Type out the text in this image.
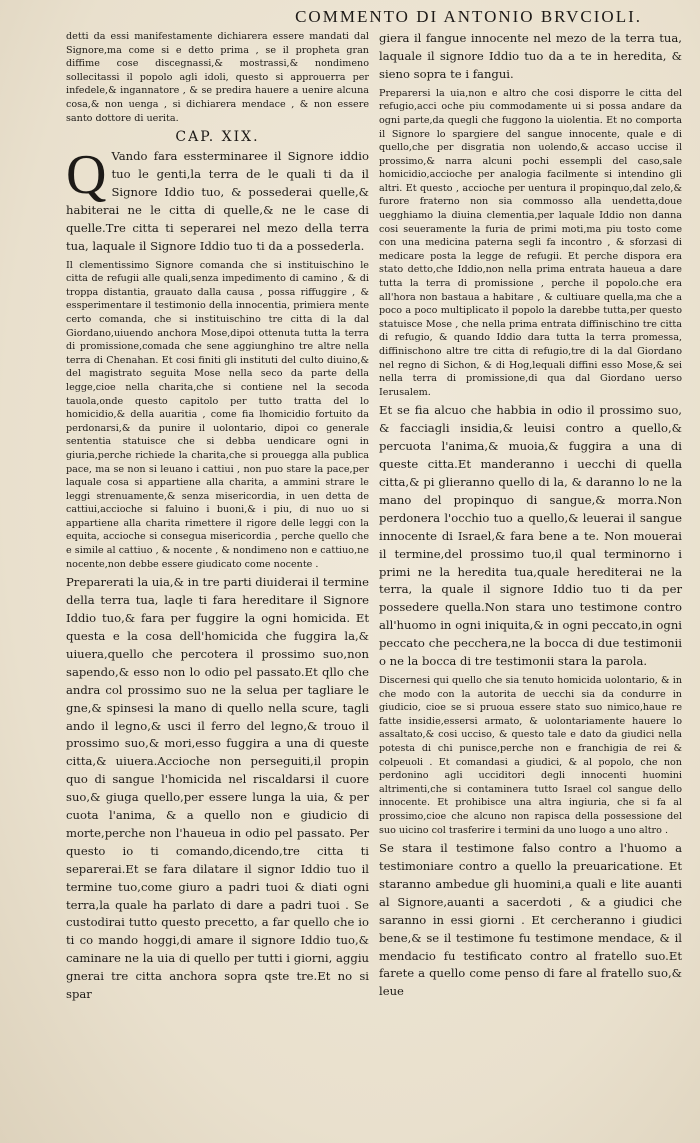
COMMENTO DI ANTONIO BRVCIOLI.

detti da essi manifestamente dichiarera essere mandati dal Signore,ma come si e detto prima , se il propheta gran diffime cose discegnassi,& mostrassi,& nondimeno sollecitassi il popolo agli idoli, questo si approuerra per infedele,& ingannatore , & se predira hauere a uenire alcuna cosa,& non uenga , si dichiarera mendace , & non essere santo dottore di uerita.

CAP. XIX.

Q Vando fara essterminaree il Signore iddio tuo le genti,la terra de le quali ti da il Signore Iddio tuo, & possederai quelle,& habiterai ne le citta di quelle,& ne le case di quelle.Tre citta ti seperarei nel mezo della terra tua, laquale il Signore Iddio tuo ti da a possederla.

Il clementissimo Signore comanda che si instituischino le citta de refugii alle quali,senza impedimento di camino , & di troppa distantia, grauato dalla causa , possa riffuggire , & essperimentare il testimonio della innocentia, primiera mente certo comanda, che si instituischino tre citta di la dal Giordano,uiuendo anchora Mose,dipoi ottenuta tutta la terra di promissione,comada che sene aggiunghino tre altre nella terra di Chenahan. Et cosi finiti gli instituti del culto diuino,& del magistrato seguita Mose nella seco da parte della legge,cioe nella charita,che si contiene nel la secoda tauola,onde questo capitolo per tutto tratta del lo homicidio,& della auaritia , come fia lhomicidio fortuito da perdonarsi,& da punire il uolontario, dipoi co generale sententia statuisce che si debba uendicare ogni in giuria,perche richiede la charita,che si prouegga alla publica pace, ma se non si leuano i cattiui , non puo stare la pace,per laquale cosa si appartiene alla charita, a ammini strare le leggi strenuamente,& senza misericordia, in uen detta de cattiui,accioche si faluino i buoni,& i piu, di nuo uo si appartiene alla charita rimettere il rigore delle leggi con la equita, accioche si conseguа misericordia , perche quello che e simile al cattiuo , & nocente , & nondimeno non e cattiuo,ne nocente,non debbe essere giudicato come nocente .

Preparerati la uia,& in tre parti diuiderai il termine della terra tua, laqle ti fara hereditare il Signore Iddio tuo,& fara per fuggire la ogni homicida. Et questa e la cosa dell'homicida che fuggira la,& uiuera,quello che percotera il prossimo suo,non sapendo,& esso non lo odio pel passato.Et qllo che andra col prossimo suo ne la selua per tagliare le gne,& spinsesi la mano di quello nella scure, tagli ando il legno,& usci il ferro del legno,& trouo il prossimo suo,& mori,esso fuggira a una di queste citta,& uiuera.Accioche non perseguiti,il propin quo di sangue l'homicida nel riscaldarsi il cuore suo,& giuga quello,per essere lunga la uia, & per cuota l'anima, & a quello non e giudicio di morte,perche non l'haueua in odio pel passato. Per questo io ti comando,dicendo,tre citta ti separerai.Et se fara dilatare il signor Iddio tuo il termine tuo,come giuro a padri tuoi & diati ogni terra,la quale ha parlato di dare a padri tuoi . Se custodirai tutto questo precetto, a far quello che io ti co mando hoggi,di amare il signore Iddio tuo,& caminare ne la uia di quello per tutti i giorni, aggiu gnerai tre citta anchora sopra qste tre.Et no si spar

giera il fangue innocente nel mezo de la terra tua, laquale il signore Iddio tuo da a te in hereditа, & sieno sopra te i fangui.

Preparersi la uia,non e altro che cosi disporre le citta del refugio,acci oche piu commodamente ui si possa andare da ogni parte,da quegli che fuggono la uiolentia. Et no comporta il Signore lo spargiere del sangue innocente, quale e di quello,che per disgratia non uolendo,& accaso uccise il prossimo,& narra alcuni pochi essempli del caso,sale homicidio,accioche per analogia facilmente si intendino gli altri. Et questo , accioche per uentura il propinquo,dal zelo,& furore fraterno non sia commosso alla uendetta,doue uegghiamo la diuina clementia,per laquale Iddio non danna cosi seueramente la furia de primi moti,ma piu tosto come con una medicina paterna segli fa incontro , & sforzasi di medicare posta la legge de refugii. Et perche dispora era stato detto,che Iddio,non nella prima entrata haueua a dare tutta la terra di promissione , perche il popolo.che era all'hora non bastaua a habitare , & cultiuare quella,ma che a poco a poco multiplicato il popolo la darebbe tutta,per questo statuisce Mose , che nella prima entrata diffinischino tre citta di refugio, & quando Iddio dara tutta la terra promessa, diffinischono altre tre citta di refugio,tre di la dal Giordano nel regno di Sichon, & di Hog,lequali diffini esso Mose,& sei nella terra di promissione,di qua dal Giordano uerso Ierusalem.

Et se fia alcuo che habbia in odio il prossimo suo, & facciagli insidia,& leuisi contro a quello,& percuota l'anima,& muoia,& fuggira a una di queste citta.Et manderanno i uecchi di quella citta,& pi glieranno quello di la, & daranno lo ne la mano del propinquo di sangue,& morra.Non perdonera l'occhio tuo a quello,& leuerai il sangue innocente di Israel,& fara bene a te. Non mouerai il termine,del prossimo tuo,il qual terminorno i primi ne la heredita tua,quale herediterai ne la terra, la quale il signore Iddio tuo ti da per possedere quella.Non stara uno testimone contro all'huomo in ogni iniquita,& in ogni peccato,in ogni peccato che pecchera,ne la bocca di due testimonii o ne la bocca di tre testimonii stara la parola.

Discernesi qui quello che sia tenuto homicida uolontario, & in che modo con la autorita de uecchi sia da condurre in giudicio, cioe se si pruoua essere stato suo nimico,haue re fatte insidie,essersi armato, & uolontariamente hauere lo assaltato,& cosi ucciso, & questo tale e dato da giudici nella potesta di chi punisce,perche non e franchigia de rei & colpeuoli . Et comandasi a giudici, & al popolo, che non perdonino agli ucciditori degli innocenti huomini altrimenti,che si contaminera tutto Israel col sangue dello innocente. Et prohibisce una altra ingiuria, che si fa al prossimo,cioe che alcuno non rapisca della possessione del suo uicino col trasferire i termini da uno luogo a uno altro .

Se stara il testimone falso contro a l'huomo a testimoniare contro a quello la preuaricatione. Et staranno ambedue gli huomini,a quali e lite auanti al Signore,auanti a sacerdoti , & a giudici che saranno in essi giorni . Et cercheranno i giudici bene,& se il testimone fu testimone mendace, & il mendacio fu testificato contro al fratello suo.Et farete a quello come penso di fare al fratello suo,& leue
